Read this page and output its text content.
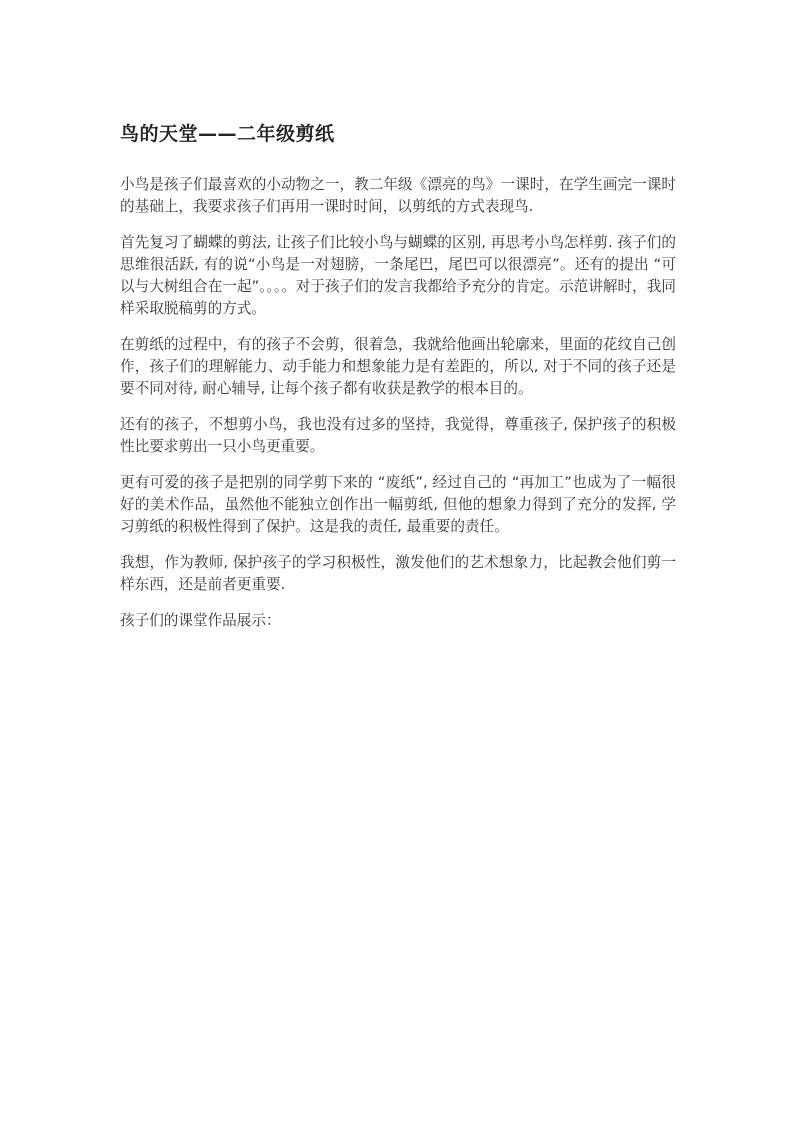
鸟的天堂——二年级剪纸

小鸟是孩子们最喜欢的小动物之一，教二年级《漂亮的鸟》一课时，在学生画完一课时的基础上，我要求孩子们再用一课时时间，以剪纸的方式表现鸟.

首先复习了蝴蝶的剪法, 让孩子们比较小鸟与蝴蝶的区别, 再思考小鸟怎样剪. 孩子们的思维很活跃, 有的说“小鸟是一对翅膀，一条尾巴，尾巴可以很漂亮”。还有的提出 “可以与大树组合在一起”。。。。对于孩子们的发言我都给予充分的肯定。示范讲解时，我同样采取脱稿剪的方式。

在剪纸的过程中，有的孩子不会剪，很着急，我就给他画出轮廓来，里面的花纹自己创作，孩子们的理解能力、动手能力和想象能力是有差距的，所以, 对于不同的孩子还是要不同对待, 耐心辅导, 让每个孩子都有收获是教学的根本目的。

还有的孩子，不想剪小鸟，我也没有过多的坚持，我觉得，尊重孩子, 保护孩子的积极性比要求剪出一只小鸟更重要。

更有可爱的孩子是把别的同学剪下来的 “废纸”, 经过自己的 “再加工”也成为了一幅很好的美术作品，虽然他不能独立创作出一幅剪纸, 但他的想象力得到了充分的发挥, 学习剪纸的积极性得到了保护。这是我的责任, 最重要的责任。

我想，作为教师, 保护孩子的学习积极性，激发他们的艺术想象力，比起教会他们剪一样东西，还是前者更重要.

孩子们的课堂作品展示：
